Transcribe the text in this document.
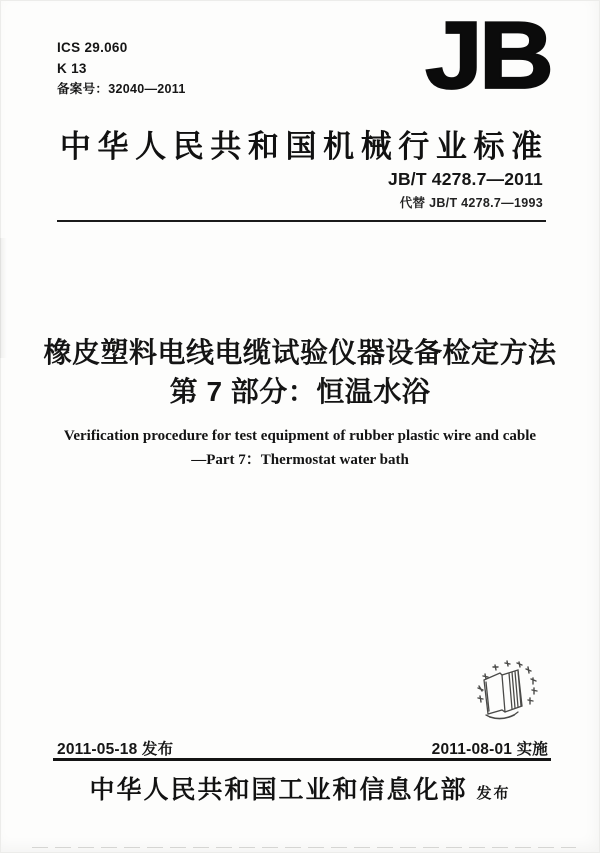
ICS 29.060
K 13
备案号：32040—2011 JB
中华人民共和国机械行业标准
JB/T 4278.7—2011
代替 JB/T 4278.7—1993
橡皮塑料电线电缆试验仪器设备检定方法
第 7 部分：恒温水浴
Verification procedure for test equipment of rubber plastic wire and cable
—Part 7：Thermostat water bath
2011-05-18 发布	2011-08-01 实施
中华人民共和国工业和信息化部 发布
